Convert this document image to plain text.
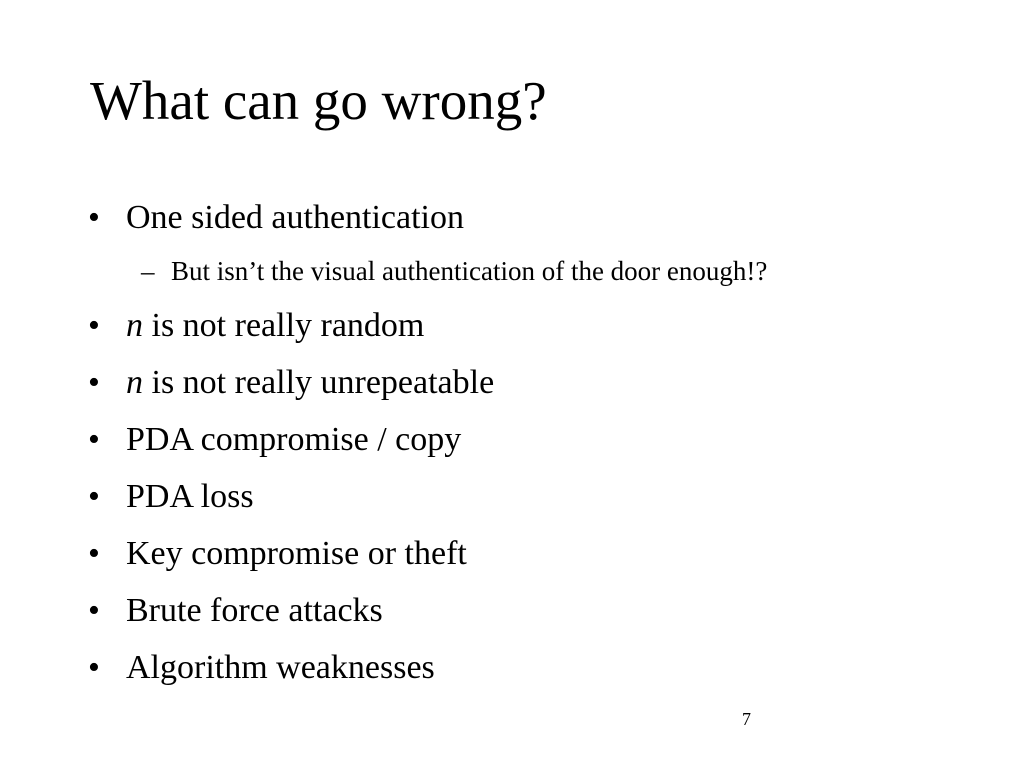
What can go wrong?
• One sided authentication
– But isn’t the visual authentication of the door enough!?
• n is not really random
• n is not really unrepeatable
• PDA compromise / copy
• PDA loss
• Key compromise or theft
• Brute force attacks
• Algorithm weaknesses
7
